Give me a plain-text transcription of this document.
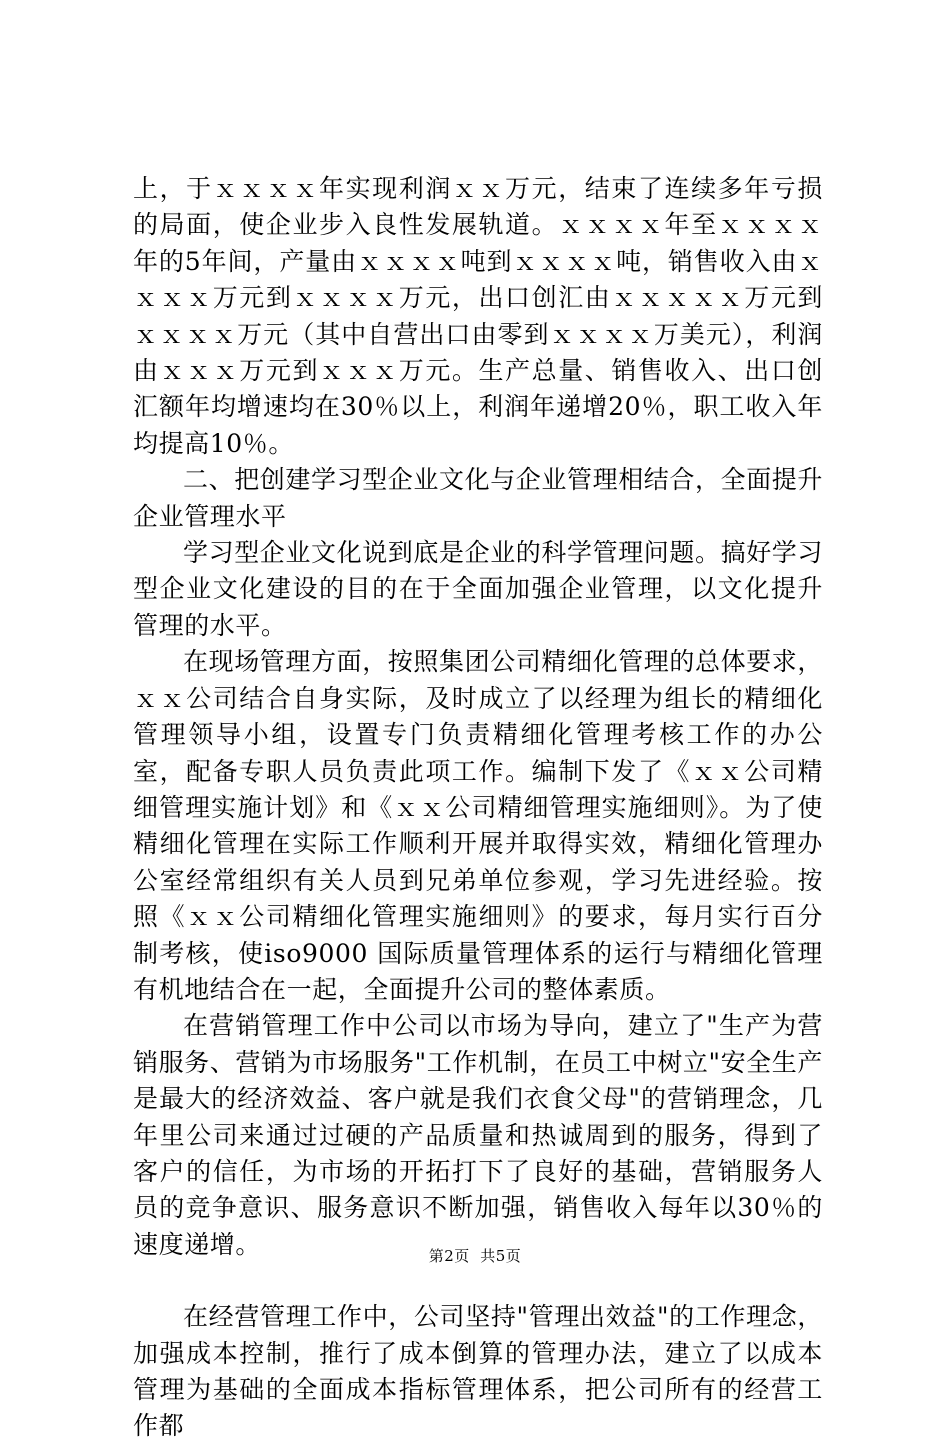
上，于ｘｘｘｘ年实现利润ｘｘ万元，结束了连续多年亏损的局面，使企业步入良性发展轨道。ｘｘｘｘ年至ｘｘｘｘ年的5年间，产量由ｘｘｘｘ吨到ｘｘｘｘ吨，销售收入由ｘｘｘｘ万元到ｘｘｘｘ万元，出口创汇由ｘｘｘｘｘ万元到ｘｘｘｘ万元（其中自营出口由零到ｘｘｘｘ万美元），利润由ｘｘｘ万元到ｘｘｘ万元。生产总量、销售收入、出口创汇额年均增速均在30％以上，利润年递增20％，职工收入年均提高10％。

二、把创建学习型企业文化与企业管理相结合，全面提升企业管理水平

学习型企业文化说到底是企业的科学管理问题。搞好学习型企业文化建设的目的在于全面加强企业管理，以文化提升管理的水平。

在现场管理方面，按照集团公司精细化管理的总体要求，ｘｘ公司结合自身实际，及时成立了以经理为组长的精细化管理领导小组，设置专门负责精细化管理考核工作的办公室，配备专职人员负责此项工作。编制下发了《ｘｘ公司精细管理实施计划》和《ｘｘ公司精细管理实施细则》。为了使精细化管理在实际工作顺利开展并取得实效，精细化管理办公室经常组织有关人员到兄弟单位参观，学习先进经验。按照《ｘｘ公司精细化管理实施细则》的要求，每月实行百分制考核，使iso9000 国际质量管理体系的运行与精细化管理有机地结合在一起，全面提升公司的整体素质。

在营销管理工作中公司以市场为导向，建立了"生产为营销服务、营销为市场服务"工作机制，在员工中树立"安全生产是最大的经济效益、客户就是我们衣食父母"的营销理念，几年里公司来通过过硬的产品质量和热诚周到的服务，得到了客户的信任，为市场的开拓打下了良好的基础，营销服务人员的竞争意识、服务意识不断加强，销售收入每年以30％的速度递增。

在经营管理工作中，公司坚持"管理出效益"的工作理念，加强成本控制，推行了成本倒算的管理办法，建立了以成本管理为基础的全面成本指标管理体系，把公司所有的经营工作都

第2页  共5页
